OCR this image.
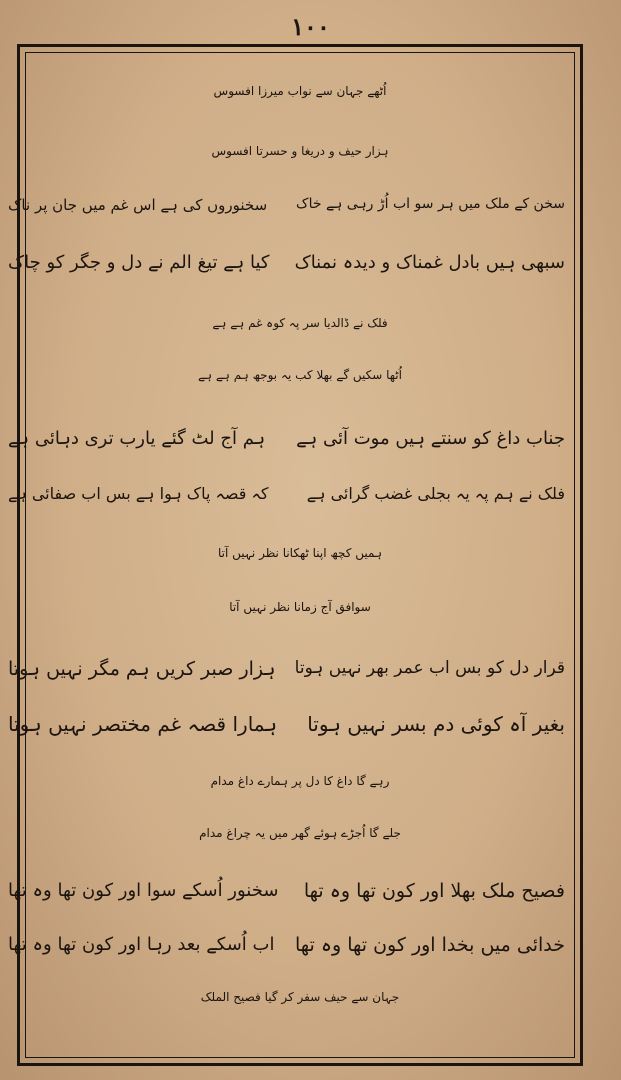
۱۰۰
اُٹھے جہان سے نواب میرزا افسوس
ہزار حیف و دریغا و حسرتا افسوس
سخن کے ملک میں ہر سو اب اُڑ رہی ہے خاک
سخنوروں کی ہے اس غم میں جان پر ناک
سبھی ہیں بادل غمناک و دیدہ نمناک
کیا ہے تیغ الم نے دل و جگر کو چاک
فلک نے ڈالدیا سر پہ کوہ غم ہے ہے
اُٹھا سکیں گے بھلا کب یہ بوجھ ہم ہے ہے
جناب داغ کو سنتے ہیں موت آئی ہے
ہم آج لٹ گئے یارب تری دہائی ہے
فلک نے ہم پہ یہ بجلی غضب گرائی ہے
کہ قصہ پاک ہوا ہے بس اب صفائی ہے
ہمیں کچھ اپنا ٹھکانا نظر نہیں آتا
سوافق آج زمانا نظر نہیں آتا
قرار دل کو بس اب عمر بھر نہیں ہوتا
ہزار صبر کریں ہم مگر نہیں ہوتا
بغیر آہ کوئی دم بسر نہیں ہوتا
ہمارا قصہ غم مختصر نہیں ہوتا
رہے گا داغ کا دل پر ہمارے داغ مدام
جلے گا اُجڑے ہوئے گھر میں یہ چراغ مدام
فصیح ملک بھلا اور کون تھا وہ تھا
سخنور اُسکے سوا اور کون تھا وہ تھا
خدائی میں بخدا اور کون تھا وہ تھا
اب اُسکے بعد رہا اور کون تھا وہ تھا
جہان سے حیف سفر کر گیا فصیح الملک
